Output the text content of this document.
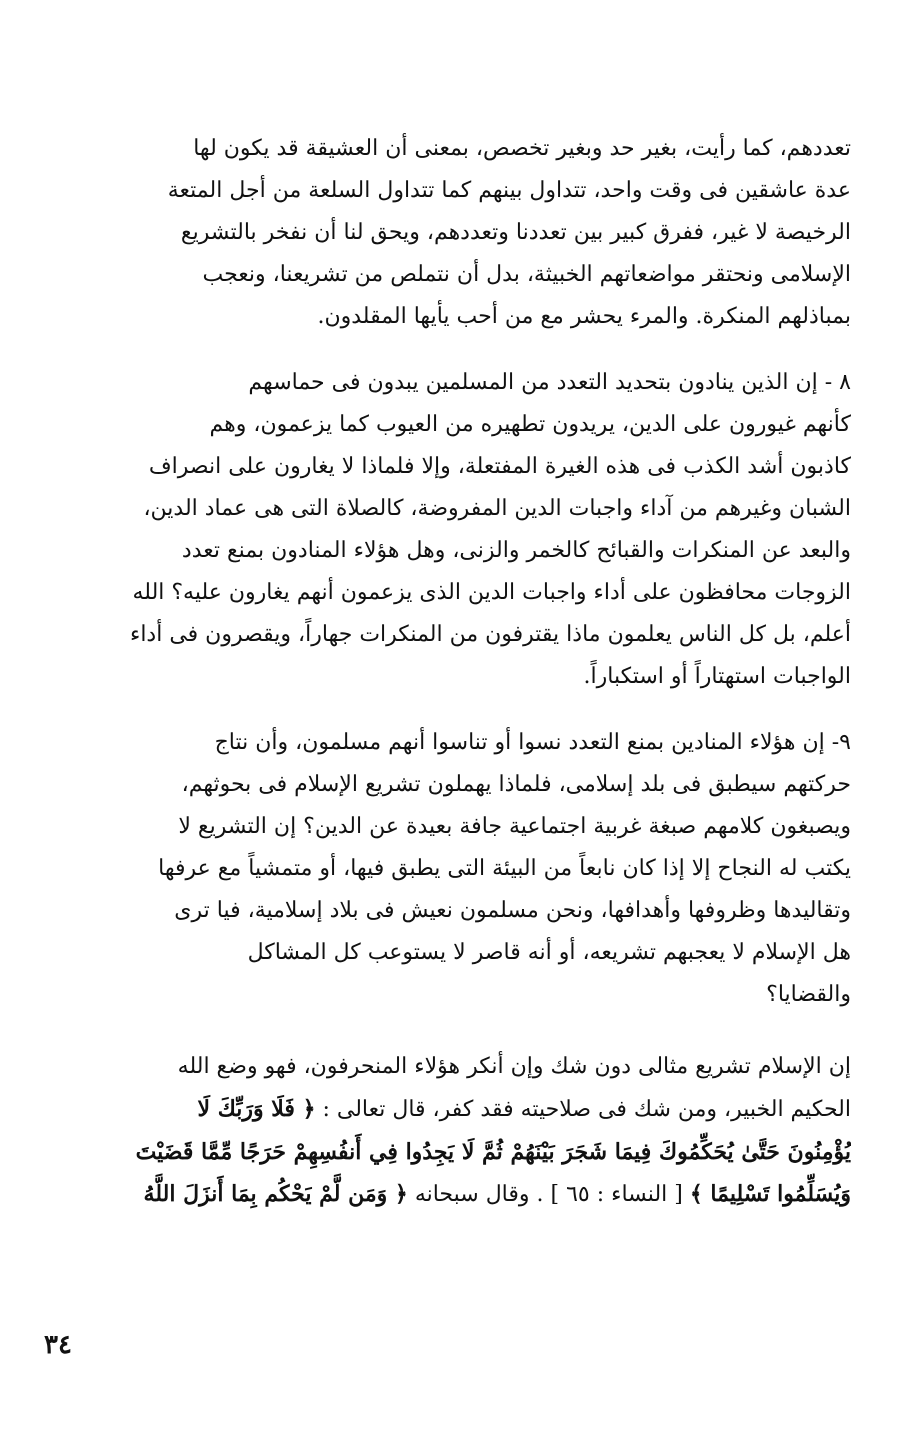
تعددهم، كما رأيت، بغير حد وبغير تخصص، بمعنى أن العشيقة قد يكون لها
عدة عاشقين فى وقت واحد، تتداول بينهم كما تتداول السلعة من أجل المتعة
الرخيصة لا غير، ففرق كبير بين تعددنا وتعددهم، ويحق لنا أن نفخر بالتشريع
الإسلامى ونحتقر مواضعاتهم الخبيثة، بدل أن نتملص من تشريعنا، ونعجب
بمباذلهم المنكرة. والمرء يحشر مع من أحب يأيها المقلدون.

٨ - إن الذين ينادون بتحديد التعدد من المسلمين يبدون فى حماسهم
كأنهم غيورون على الدين، يريدون تطهيره من العيوب كما يزعمون، وهم
كاذبون أشد الكذب فى هذه الغيرة المفتعلة، وإلا فلماذا لا يغارون على انصراف
الشبان وغيرهم من آداء واجبات الدين المفروضة، كالصلاة التى هى عماد الدين،
والبعد عن المنكرات والقبائح كالخمر والزنى، وهل هؤلاء المنادون بمنع تعدد
الزوجات محافظون على أداء واجبات الدين الذى يزعمون أنهم يغارون عليه؟ الله
أعلم، بل كل الناس يعلمون ماذا يقترفون من المنكرات جهاراً، ويقصرون فى أداء
الواجبات استهتاراً أو استكباراً.

٩- إن هؤلاء المنادين بمنع التعدد نسوا أو تناسوا أنهم مسلمون، وأن نتاج
حركتهم سيطبق فى بلد إسلامى، فلماذا يهملون تشريع الإسلام فى بحوثهم،
ويصبغون كلامهم صبغة غربية اجتماعية جافة بعيدة عن الدين؟ إن التشريع لا
يكتب له النجاح إلا إذا كان نابعاً من البيئة التى يطبق فيها، أو متمشياً مع عرفها
وتقاليدها وظروفها وأهدافها، ونحن مسلمون نعيش فى بلاد إسلامية، فيا ترى
هل الإسلام لا يعجبهم تشريعه، أو أنه قاصر لا يستوعب كل المشاكل
والقضايا؟

إن الإسلام تشريع مثالى دون شك وإن أنكر هؤلاء المنحرفون، فهو وضع الله
الحكيم الخبير، ومن شك فى صلاحيته فقد كفر، قال تعالى : ﴿ فَلَا وَرَبِّكَ لَا
يُؤْمِنُونَ حَتَّىٰ يُحَكِّمُوكَ فِيمَا شَجَرَ بَيْنَهُمْ ثُمَّ لَا يَجِدُوا فِي أَنفُسِهِمْ حَرَجًا مِّمَّا قَضَيْتَ
وَيُسَلِّمُوا تَسْلِيمًا ﴾ [ النساء : ٦٥ ] . وقال سبحانه ﴿ وَمَن لَّمْ يَحْكُم بِمَا أَنزَلَ اللَّهُ

٣٤
